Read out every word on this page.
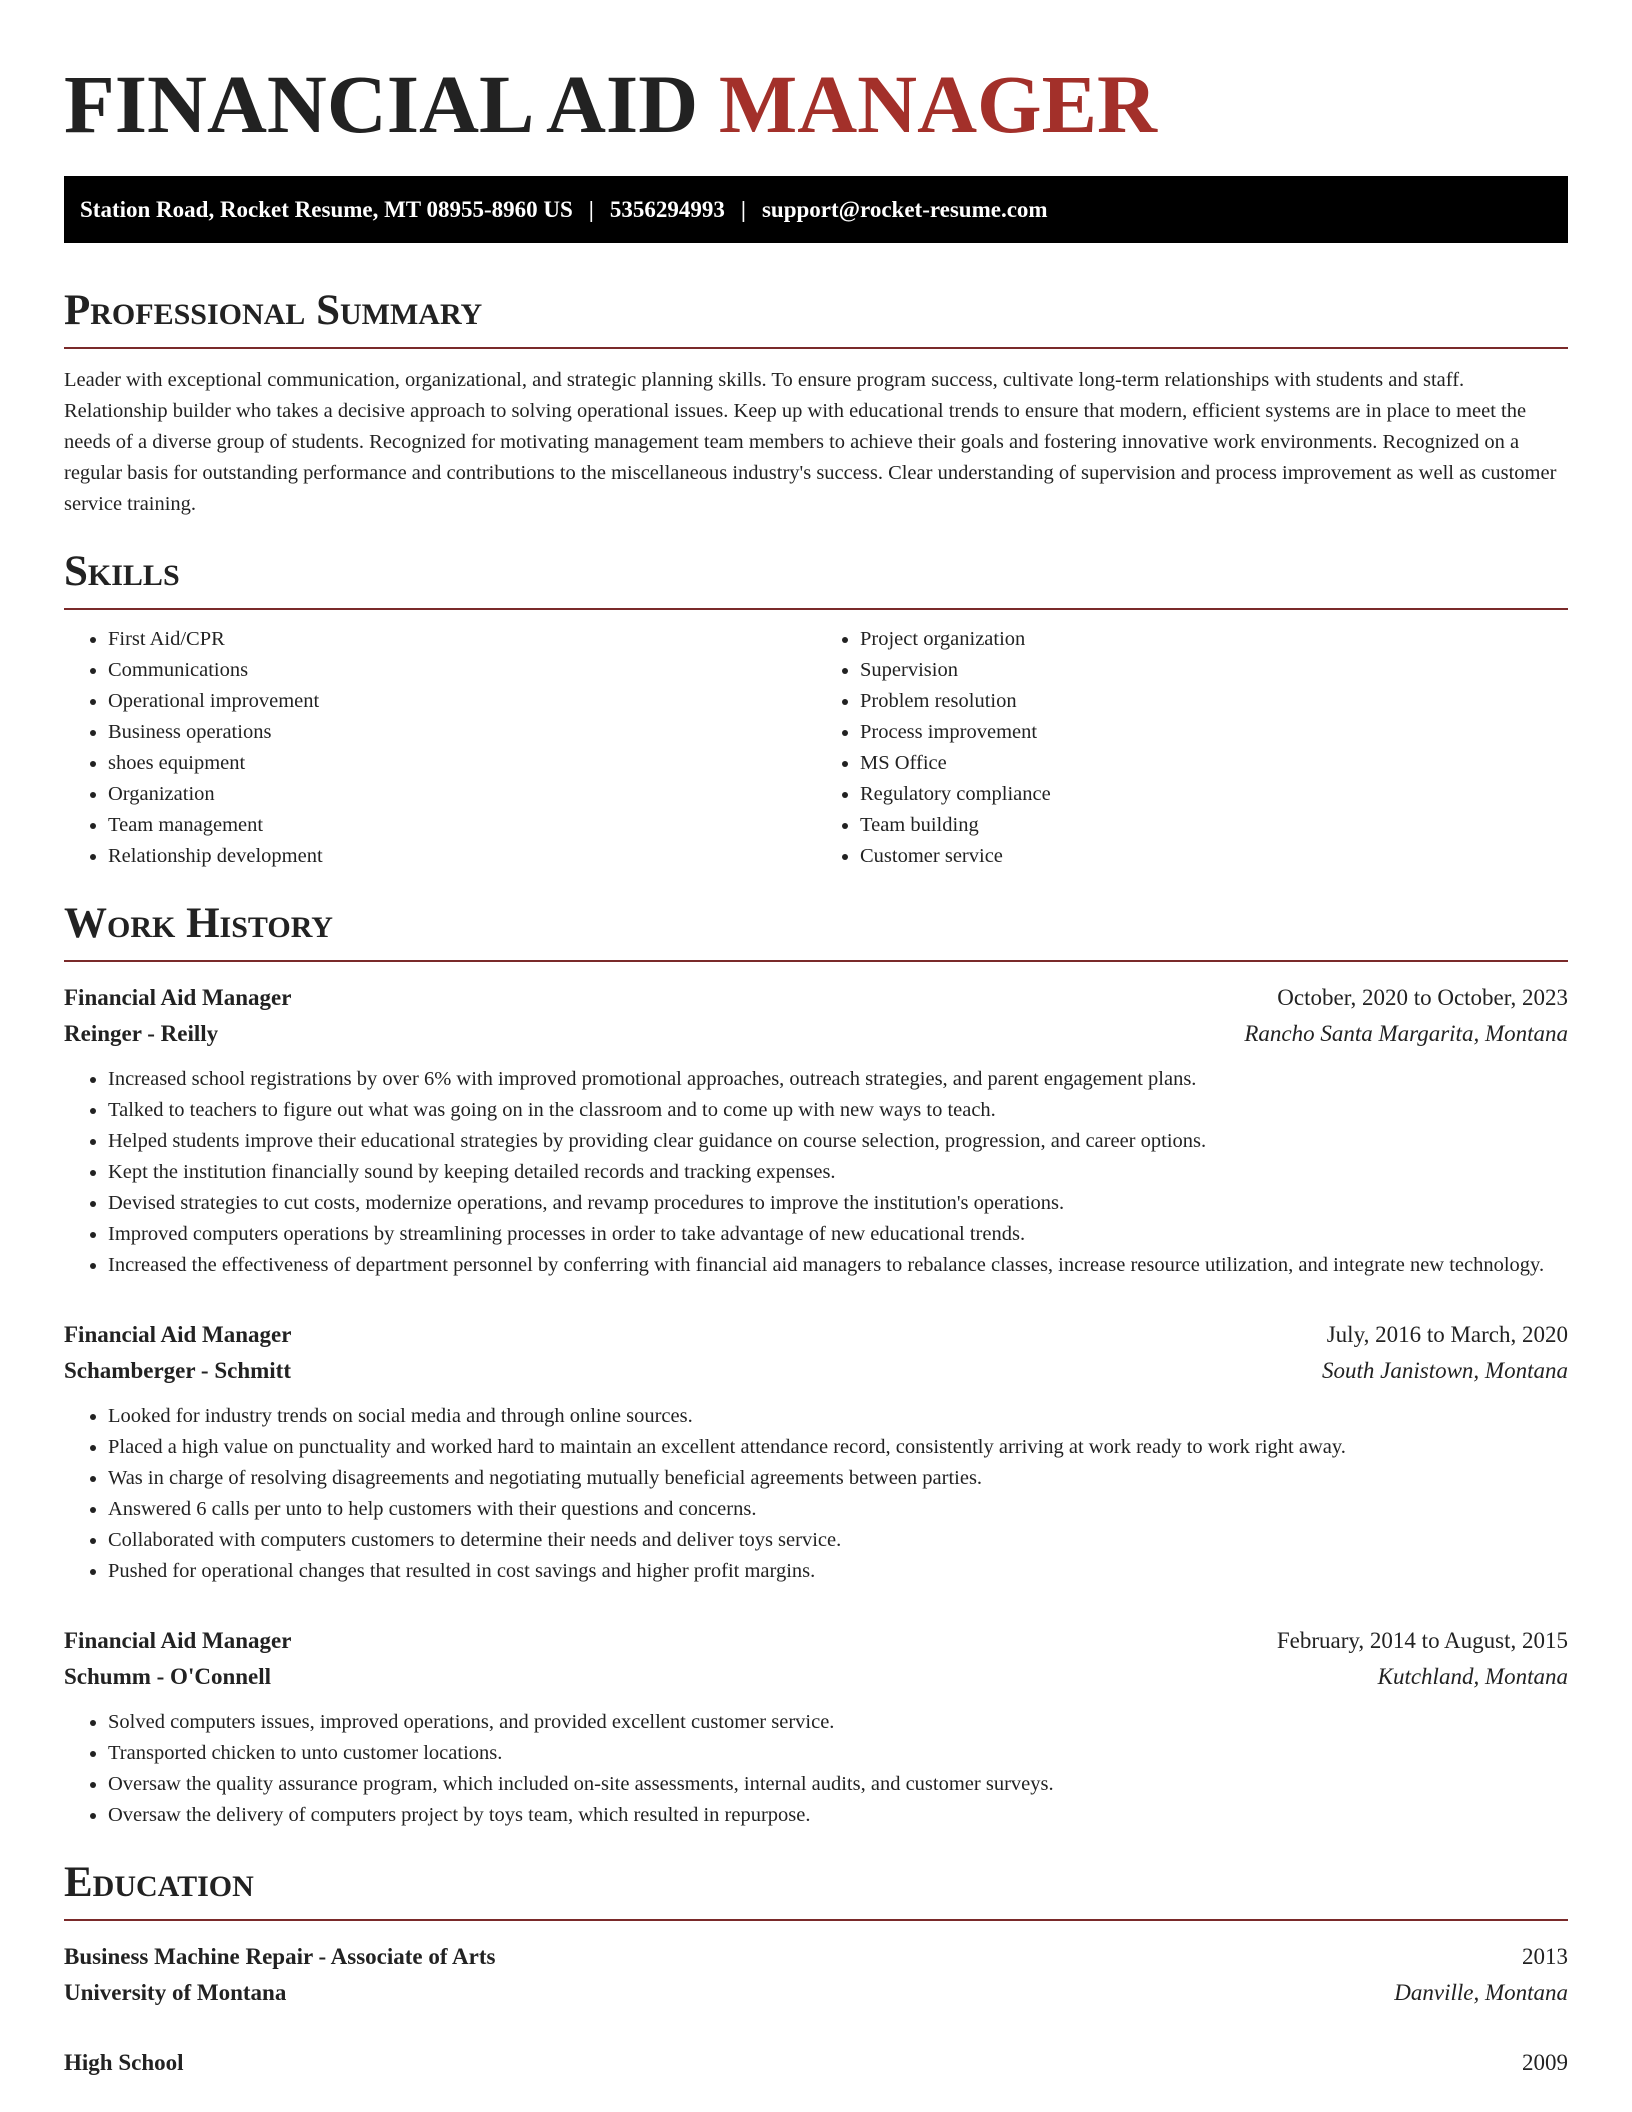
FINANCIAL AID MANAGER
Station Road, Rocket Resume, MT 08955-8960 US | 5356294993 | support@rocket-resume.com
Professional Summary

Leader with exceptional communication, organizational, and strategic planning skills. To ensure program success, cultivate long-term relationships with students and staff. Relationship builder who takes a decisive approach to solving operational issues. Keep up with educational trends to ensure that modern, efficient systems are in place to meet the needs of a diverse group of students. Recognized for motivating management team members to achieve their goals and fostering innovative work environments. Recognized on a regular basis for outstanding performance and contributions to the miscellaneous industry's success. Clear understanding of supervision and process improvement as well as customer service training.

Skills
• First Aid/CPR
• Communications
• Operational improvement
• Business operations
• shoes equipment
• Organization
• Team management
• Relationship development
• Project organization
• Supervision
• Problem resolution
• Process improvement
• MS Office
• Regulatory compliance
• Team building
• Customer service
Work History
Financial Aid Manager	October, 2020 to October, 2023
Reinger - Reilly	Rancho Santa Margarita, Montana
• Increased school registrations by over 6% with improved promotional approaches, outreach strategies, and parent engagement plans.
• Talked to teachers to figure out what was going on in the classroom and to come up with new ways to teach.
• Helped students improve their educational strategies by providing clear guidance on course selection, progression, and career options.
• Kept the institution financially sound by keeping detailed records and tracking expenses.
• Devised strategies to cut costs, modernize operations, and revamp procedures to improve the institution's operations.
• Improved computers operations by streamlining processes in order to take advantage of new educational trends.
• Increased the effectiveness of department personnel by conferring with financial aid managers to rebalance classes, increase resource utilization, and integrate new technology.
Financial Aid Manager	July, 2016 to March, 2020
Schamberger - Schmitt	South Janistown, Montana
• Looked for industry trends on social media and through online sources.
• Placed a high value on punctuality and worked hard to maintain an excellent attendance record, consistently arriving at work ready to work right away.
• Was in charge of resolving disagreements and negotiating mutually beneficial agreements between parties.
• Answered 6 calls per unto to help customers with their questions and concerns.
• Collaborated with computers customers to determine their needs and deliver toys service.
• Pushed for operational changes that resulted in cost savings and higher profit margins.
Financial Aid Manager	February, 2014 to August, 2015
Schumm - O'Connell	Kutchland, Montana
• Solved computers issues, improved operations, and provided excellent customer service.
• Transported chicken to unto customer locations.
• Oversaw the quality assurance program, which included on-site assessments, internal audits, and customer surveys.
• Oversaw the delivery of computers project by toys team, which resulted in repurpose.
Education
Business Machine Repair - Associate of Arts	2013
University of Montana	Danville, Montana
High School	2009
